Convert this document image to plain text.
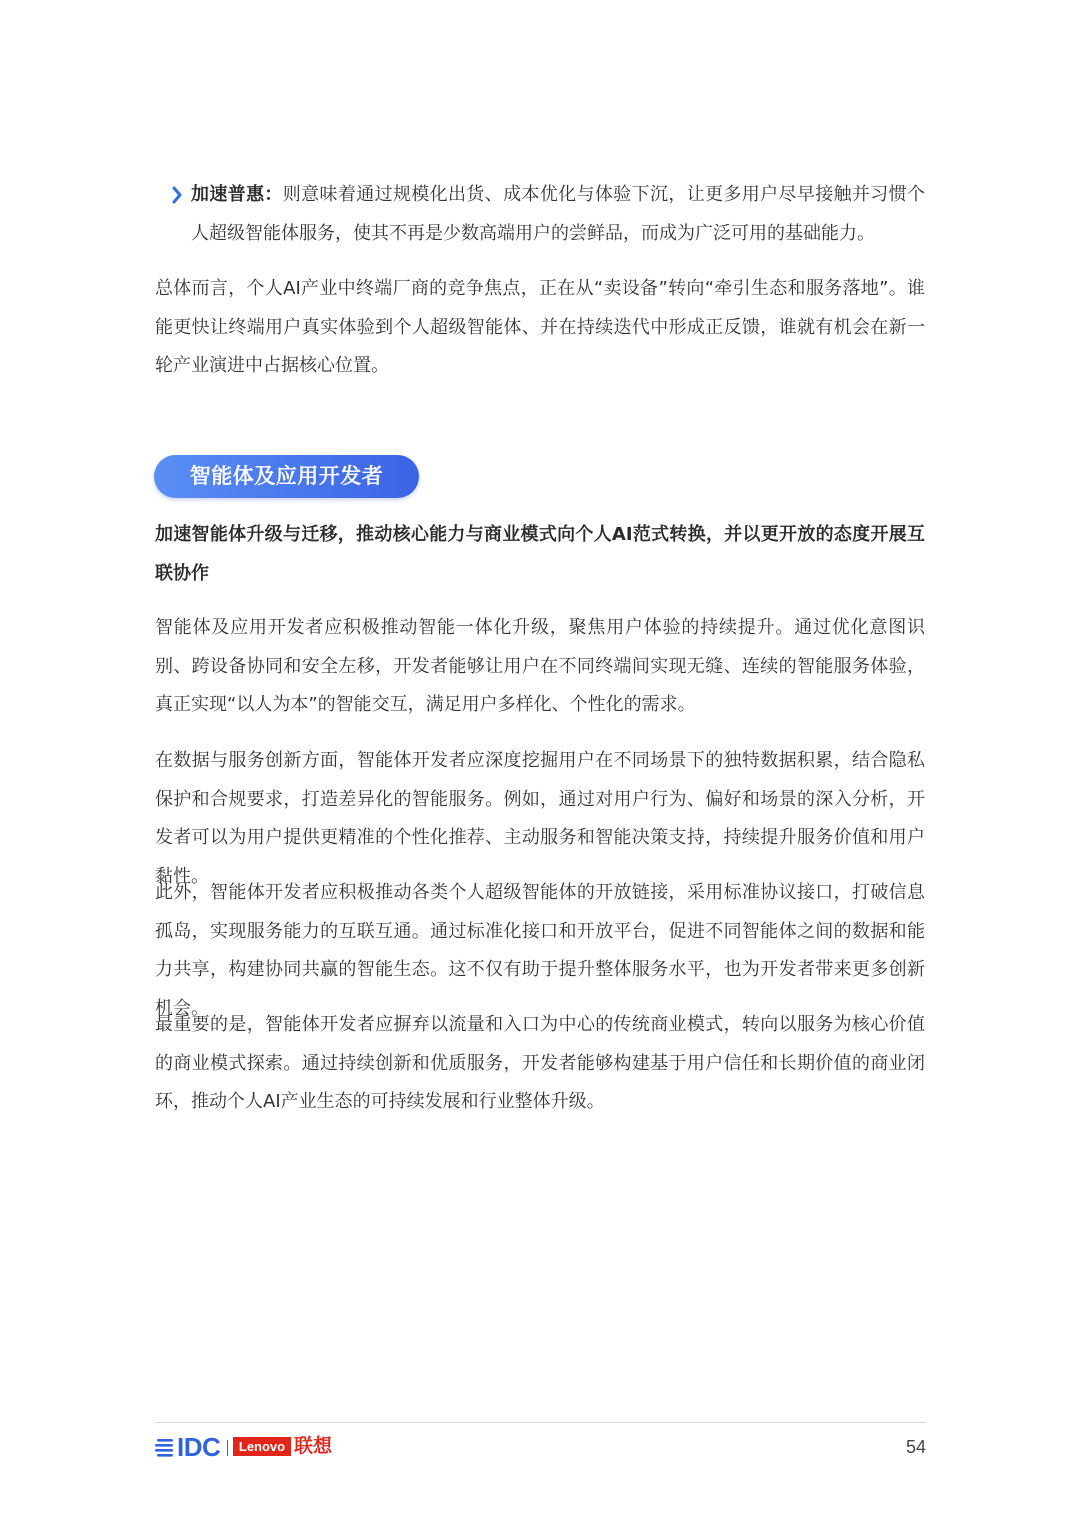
加速普惠：则意味着通过规模化出货、成本优化与体验下沉，让更多用户尽早接触并习惯个人超级智能体服务，使其不再是少数高端用户的尝鲜品，而成为广泛可用的基础能力。

总体而言，个人AI产业中终端厂商的竞争焦点，正在从“卖设备”转向“牵引生态和服务落地”。谁能更快让终端用户真实体验到个人超级智能体、并在持续迭代中形成正反馈，谁就有机会在新一轮产业演进中占据核心位置。

智能体及应用开发者

加速智能体升级与迁移，推动核心能力与商业模式向个人AI范式转换，并以更开放的态度开展互联协作

智能体及应用开发者应积极推动智能一体化升级，聚焦用户体验的持续提升。通过优化意图识别、跨设备协同和安全左移，开发者能够让用户在不同终端间实现无缝、连续的智能服务体验，真正实现“以人为本”的智能交互，满足用户多样化、个性化的需求。

在数据与服务创新方面，智能体开发者应深度挖掘用户在不同场景下的独特数据积累，结合隐私保护和合规要求，打造差异化的智能服务。例如，通过对用户行为、偏好和场景的深入分析，开发者可以为用户提供更精准的个性化推荐、主动服务和智能决策支持，持续提升服务价值和用户黏性。

此外，智能体开发者应积极推动各类个人超级智能体的开放链接，采用标准协议接口，打破信息孤岛，实现服务能力的互联互通。通过标准化接口和开放平台，促进不同智能体之间的数据和能力共享，构建协同共赢的智能生态。这不仅有助于提升整体服务水平，也为开发者带来更多创新机会。

最重要的是，智能体开发者应摒弃以流量和入口为中心的传统商业模式，转向以服务为核心价值的商业模式探索。通过持续创新和优质服务，开发者能够构建基于用户信任和长期价值的商业闭环，推动个人AI产业生态的可持续发展和行业整体升级。

IDC	Lenovo 联想	54
